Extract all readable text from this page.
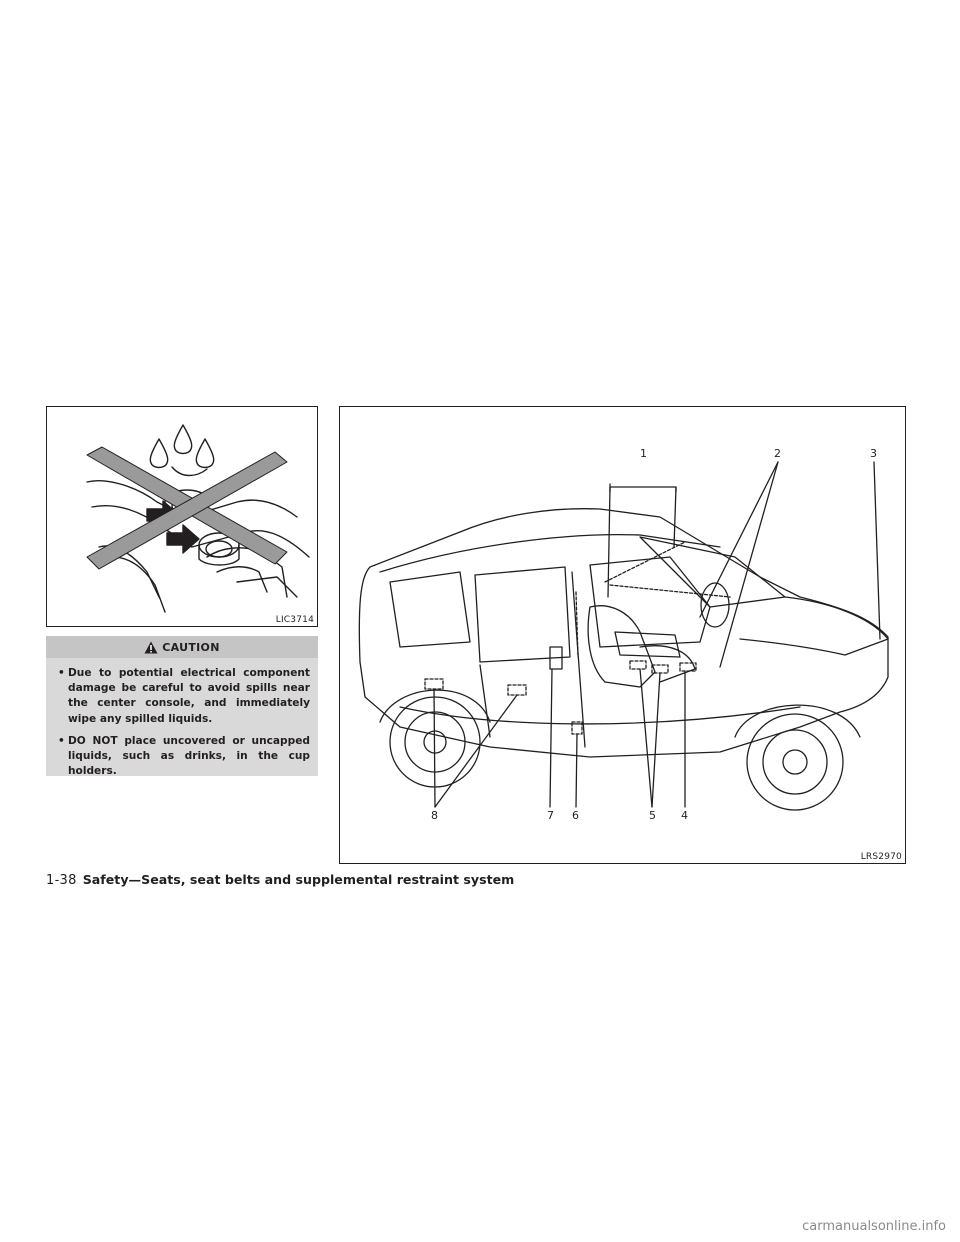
LIC3714
CAUTION
• Due to potential electrical component damage be careful to avoid spills near the center console, and immediately wipe any spilled liquids.
• DO NOT place uncovered or uncapped liquids, such as drinks, in the cup holders.
1	2	3
4
5
6
7
8
LRS2970
1-38 Safety—Seats, seat belts and supplemental restraint system
carmanualsonline.info
